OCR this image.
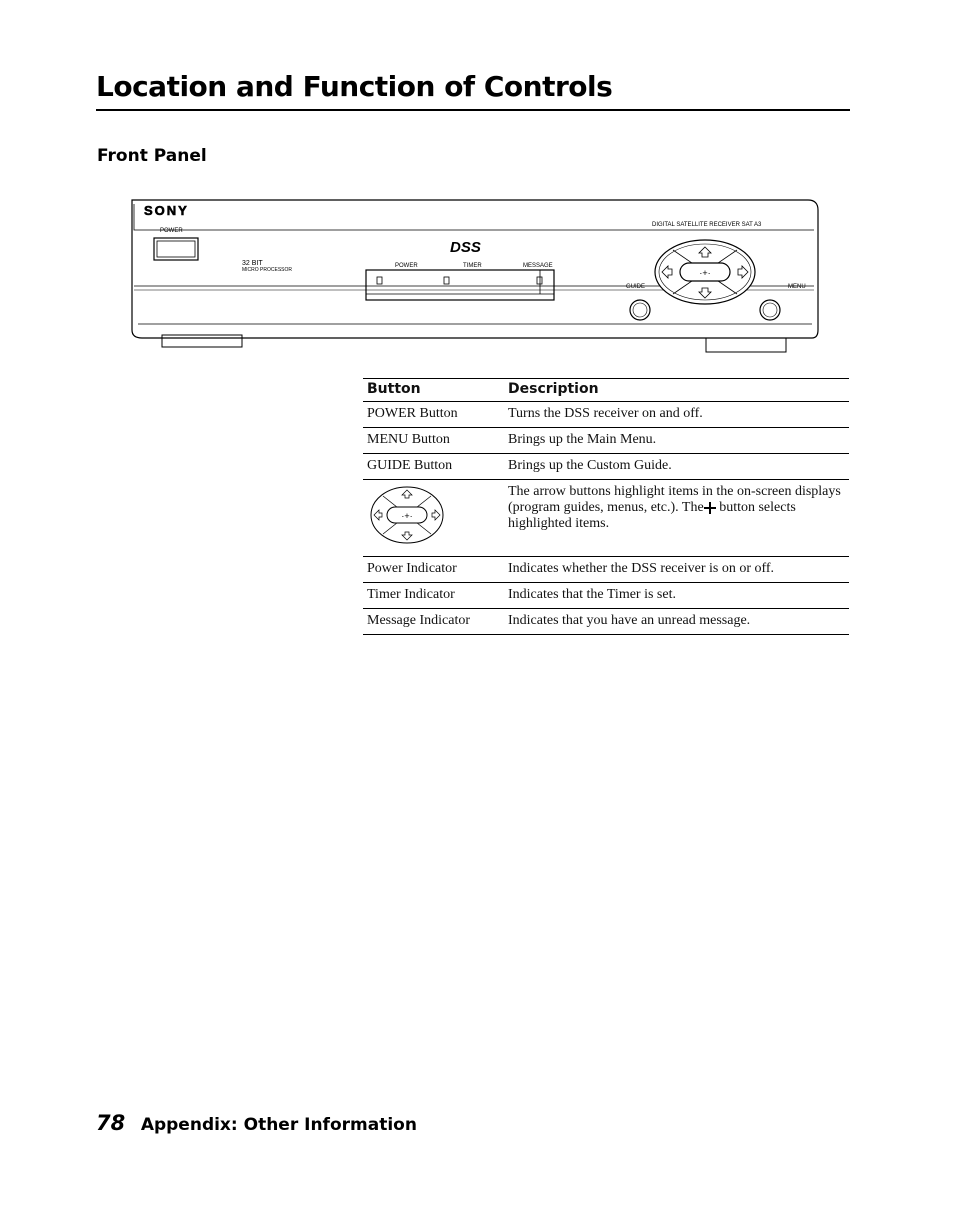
Location and Function of Controls
Front Panel
SONY
POWER
32 BIT
MICRO PROCESSOR
DIGITAL SATELLITE RECEIVER SAT A3
DSS
POWER	TIMER	MESSAGE
GUIDE	MENU
·+·
Button	Description
POWER Button	Turns the DSS receiver on and off.
MENU Button	Brings up the Main Menu.
GUIDE Button	Brings up the Custom Guide.

·+·	The arrow buttons highlight items in the on-screen displays (program guides, menus, etc.). The button selects highlighted items.
Power Indicator	Indicates whether the DSS receiver is on or off.
Timer Indicator	Indicates that the Timer is set.
Message Indicator	Indicates that you have an unread message.
78 Appendix: Other Information
